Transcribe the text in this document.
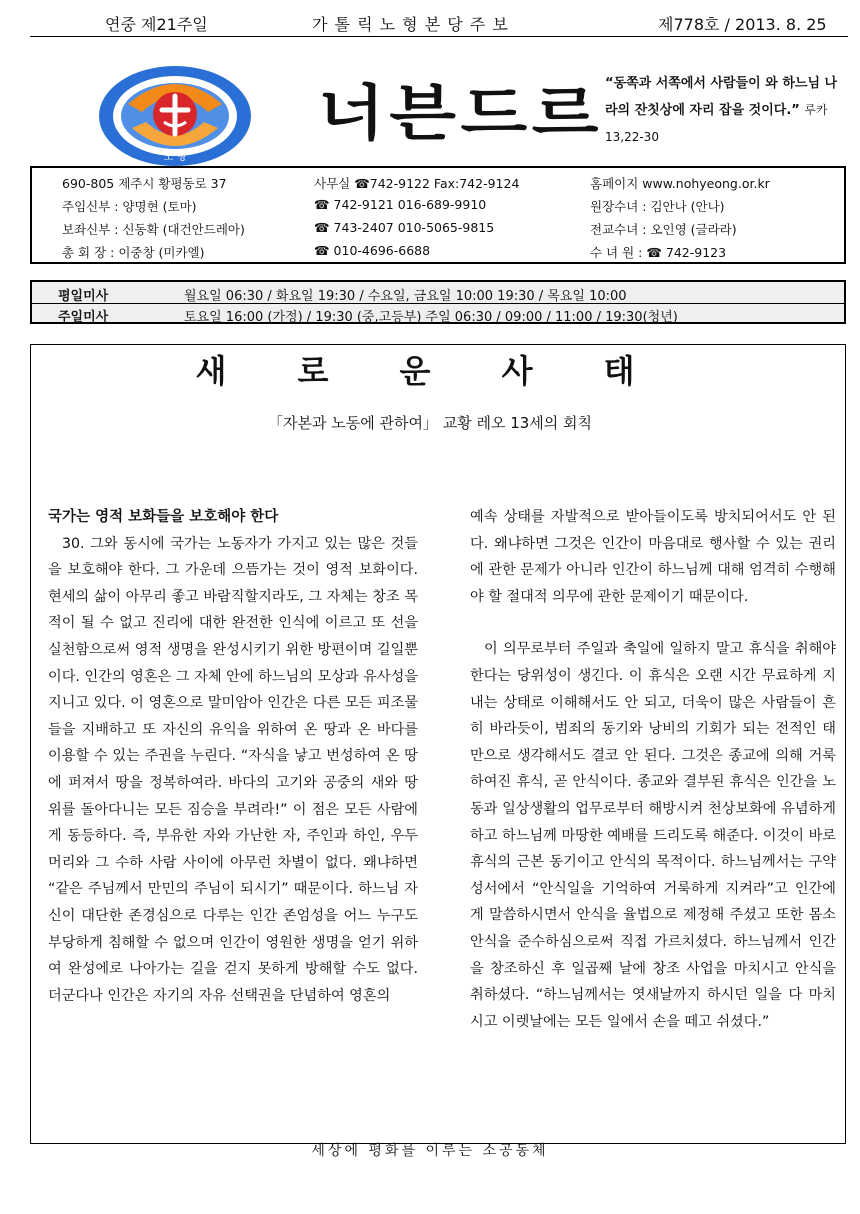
연중 제21주일	가 톨 릭 노 형 본 당 주 보	제778호 / 2013. 8. 25
노 형
너븐드르 “동쪽과 서쪽에서 사람들이 와 하느님 나라의 잔칫상에 자리 잡을 것이다.” 루카13,22-30
690-805 제주시 황평동로 37	사무실 ☎742-9122 Fax:742-9124	홈페이지 www.nohyeong.or.kr
주임신부 : 양명현 (토마)	☎ 742-9121 016-689-9910	원장수녀 : 김안나 (안나)
보좌신부 : 신동확 (대건안드레아)	☎ 743-2407 010-5065-9815	전교수녀 : 오인영 (글라라)
총 회 장 : 이중창 (미카엘)	☎ 010-4696-6688	수 녀 원 : ☎ 742-9123
평일미사	월요일 06:30 / 화요일 19:30 / 수요일, 금요일 10:00 19:30 / 목요일 10:00
주일미사	토요일 16:00 (가정) / 19:30 (중,고등부) 주일 06:30 / 09:00 / 11:00 / 19:30(청년)
새 로 운 사 태
「자본과 노동에 관하여」 교황 레오 13세의 회칙
국가는 영적 보화들을 보호해야 한다

30. 그와 동시에 국가는 노동자가 가지고 있는 많은 것들을 보호해야 한다. 그 가운데 으뜸가는 것이 영적 보화이다. 현세의 삶이 아무리 좋고 바람직할지라도, 그 자체는 창조 목적이 될 수 없고 진리에 대한 완전한 인식에 이르고 또 선을 실천함으로써 영적 생명을 완성시키기 위한 방편이며 길일뿐이다. 인간의 영혼은 그 자체 안에 하느님의 모상과 유사성을 지니고 있다. 이 영혼으로 말미암아 인간은 다른 모든 피조물들을 지배하고 또 자신의 유익을 위하여 온 땅과 온 바다를 이용할 수 있는 주권을 누린다. “자식을 낳고 번성하여 온 땅에 퍼져서 땅을 정복하여라. 바다의 고기와 공중의 새와 땅 위를 돌아다니는 모든 짐승을 부려라!” 이 점은 모든 사람에게 동등하다. 즉, 부유한 자와 가난한 자, 주인과 하인, 우두머리와 그 수하 사람 사이에 아무런 차별이 없다. 왜냐하면 “같은 주님께서 만민의 주님이 되시기” 때문이다. 하느님 자신이 대단한 존경심으로 다루는 인간 존엄성을 어느 누구도 부당하게 침해할 수 없으며 인간이 영원한 생명을 얻기 위하여 완성에로 나아가는 길을 걷지 못하게 방해할 수도 없다. 더군다나 인간은 자기의 자유 선택권을 단념하여 영혼의

예속 상태를 자발적으로 받아들이도록 방치되어서도 안 된다. 왜냐하면 그것은 인간이 마음대로 행사할 수 있는 권리에 관한 문제가 아니라 인간이 하느님께 대해 엄격히 수행해야 할 절대적 의무에 관한 문제이기 때문이다.

이 의무로부터 주일과 축일에 일하지 말고 휴식을 취해야 한다는 당위성이 생긴다. 이 휴식은 오랜 시간 무료하게 지내는 상태로 이해해서도 안 되고, 더욱이 많은 사람들이 흔히 바라듯이, 범죄의 동기와 낭비의 기회가 되는 전적인 태만으로 생각해서도 결코 안 된다. 그것은 종교에 의해 거룩하여진 휴식, 곧 안식이다. 종교와 결부된 휴식은 인간을 노동과 일상생활의 업무로부터 해방시켜 천상보화에 유념하게 하고 하느님께 마땅한 예배를 드리도록 해준다. 이것이 바로 휴식의 근본 동기이고 안식의 목적이다. 하느님께서는 구약성서에서 “안식일을 기억하여 거룩하게 지켜라”고 인간에게 말씀하시면서 안식을 율법으로 제정해 주셨고 또한 몸소 안식을 준수하심으로써 직접 가르치셨다. 하느님께서 인간을 창조하신 후 일곱째 날에 창조 사업을 마치시고 안식을 취하셨다. “하느님께서는 엿새날까지 하시던 일을 다 마치시고 이렛날에는 모든 일에서 손을 떼고 쉬셨다.”

세상에 평화를 이루는 소공동체
